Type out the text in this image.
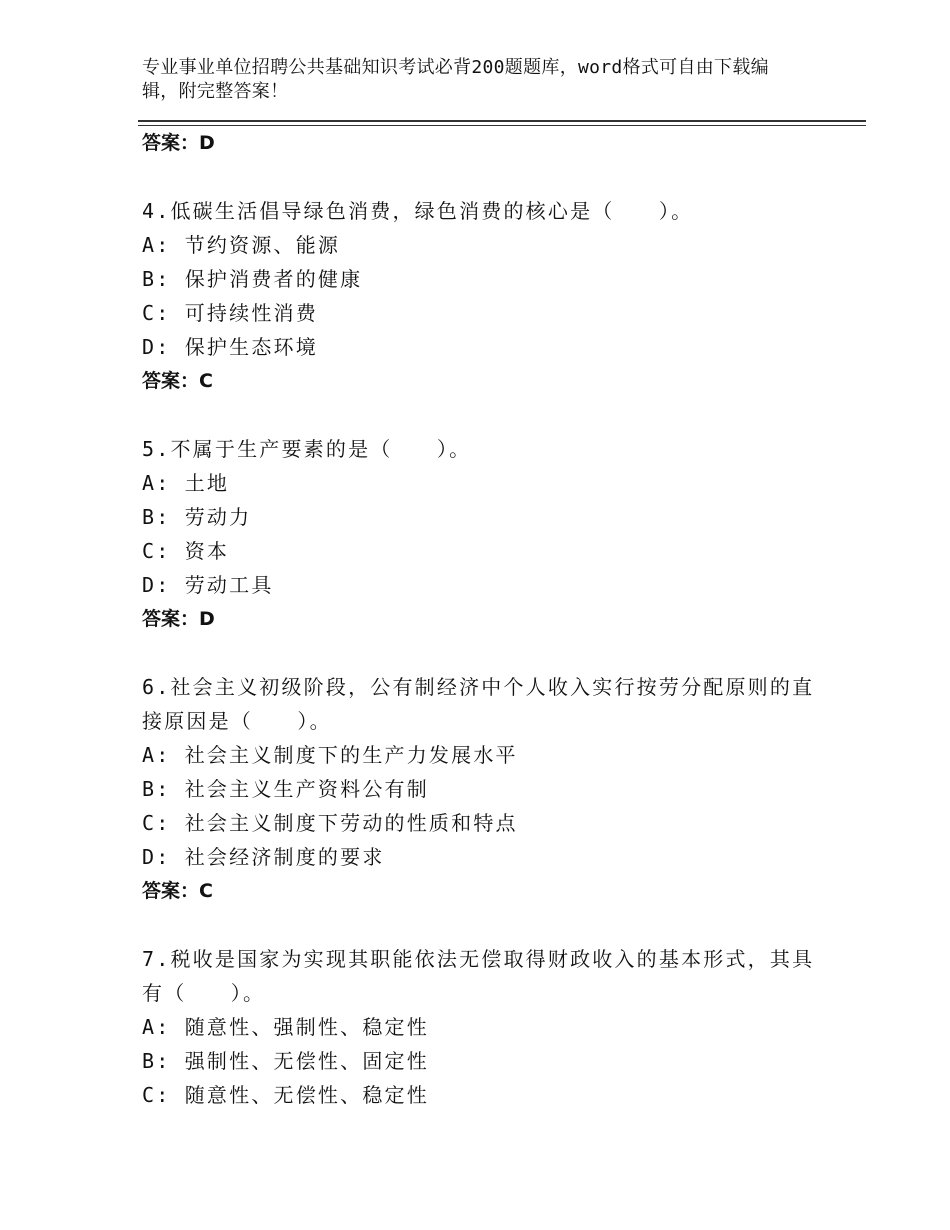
专业事业单位招聘公共基础知识考试必背200题题库，word格式可自由下载编辑，附完整答案！
答案：D
4.低碳生活倡导绿色消费，绿色消费的核心是（　　）。
A: 节约资源、能源
B: 保护消费者的健康
C: 可持续性消费
D: 保护生态环境
答案：C
5.不属于生产要素的是（　　）。
A: 土地
B: 劳动力
C: 资本
D: 劳动工具
答案：D
6.社会主义初级阶段，公有制经济中个人收入实行按劳分配原则的直接原因是（　　）。
A: 社会主义制度下的生产力发展水平
B: 社会主义生产资料公有制
C: 社会主义制度下劳动的性质和特点
D: 社会经济制度的要求
答案：C
7.税收是国家为实现其职能依法无偿取得财政收入的基本形式，其具有（　　）。
A: 随意性、强制性、稳定性
B: 强制性、无偿性、固定性
C: 随意性、无偿性、稳定性
